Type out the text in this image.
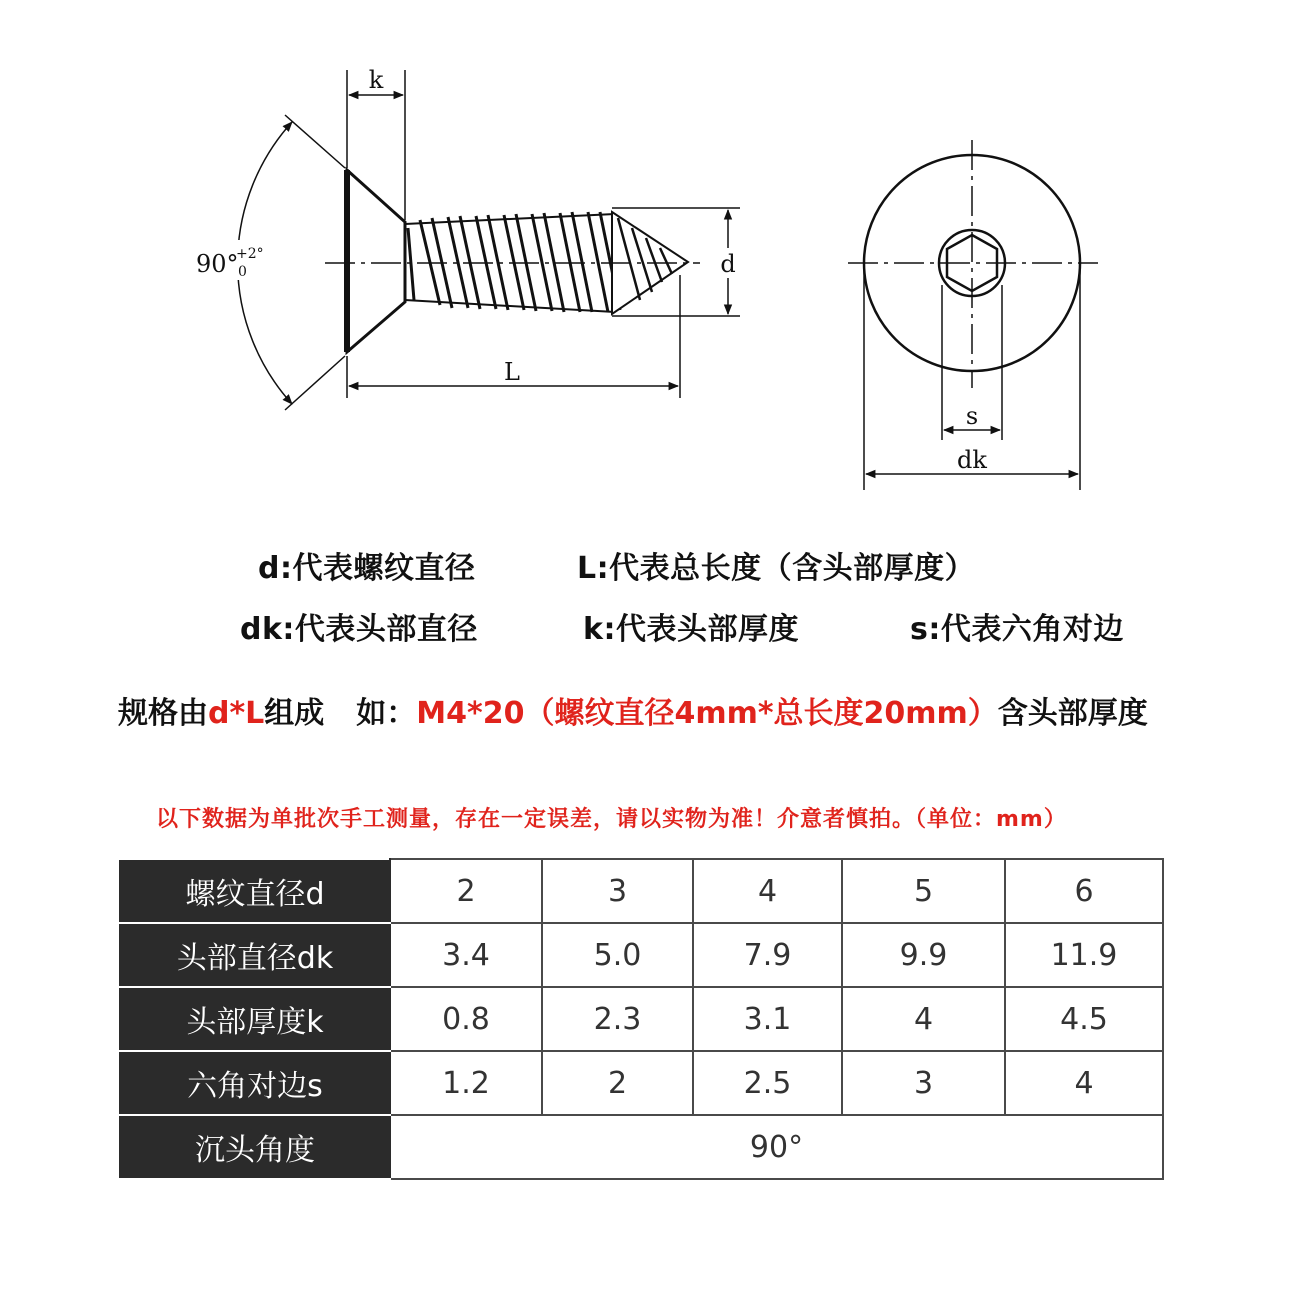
k
90°
+2°
0	d
L
s
dk
d:代表螺纹直径	L:代表总长度（含头部厚度）
dk:代表头部直径	k:代表头部厚度	s:代表六角对边
规格由d*L组成 如：M4*20（螺纹直径4mm*总长度20mm）含头部厚度
以下数据为单批次手工测量，存在一定误差，请以实物为准！介意者慎拍。（单位：mm）
螺纹直径d	2	3	4	5	6
头部直径dk	3.4	5.0	7.9	9.9	11.9
头部厚度k	0.8	2.3	3.1	4	4.5
六角对边s	1.2	2	2.5	3	4
沉头角度	90°				
